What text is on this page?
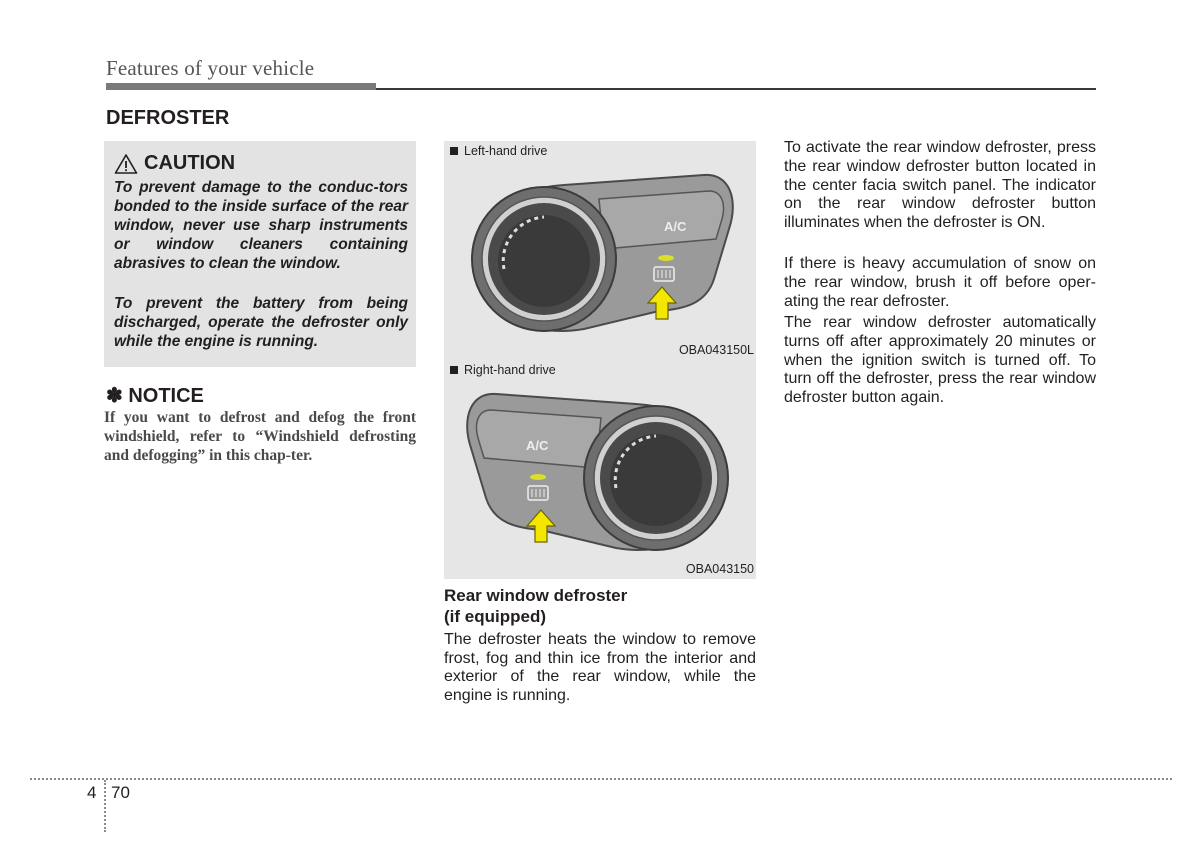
Features of your vehicle
DEFROSTER
CAUTION
To prevent damage to the conduc-tors bonded to the inside surface of the rear window, never use sharp instruments or window cleaners containing abrasives to clean the window.
To prevent the battery from being discharged, operate the defroster only while the engine is running.
✽ NOTICE
If you want to defrost and defog the front windshield, refer to “Windshield defrosting and defogging” in this chap-ter.
Left-hand drive
A/C
OBA043150L
Right-hand drive
A/C
OBA043150
Rear window defroster
(if equipped)
The defroster heats the window to remove frost, fog and thin ice from the interior and exterior of the rear window, while the engine is running.
To activate the rear window defroster, press the rear window defroster button located in the center facia switch panel. The indicator on the rear window defroster button illuminates when the defroster is ON.
If there is heavy accumulation of snow on the rear window, brush it off before oper-ating the rear defroster.
The rear window defroster automatically turns off after approximately 20 minutes or when the ignition switch is turned off. To turn off the defroster, press the rear window defroster button again.
4 70
